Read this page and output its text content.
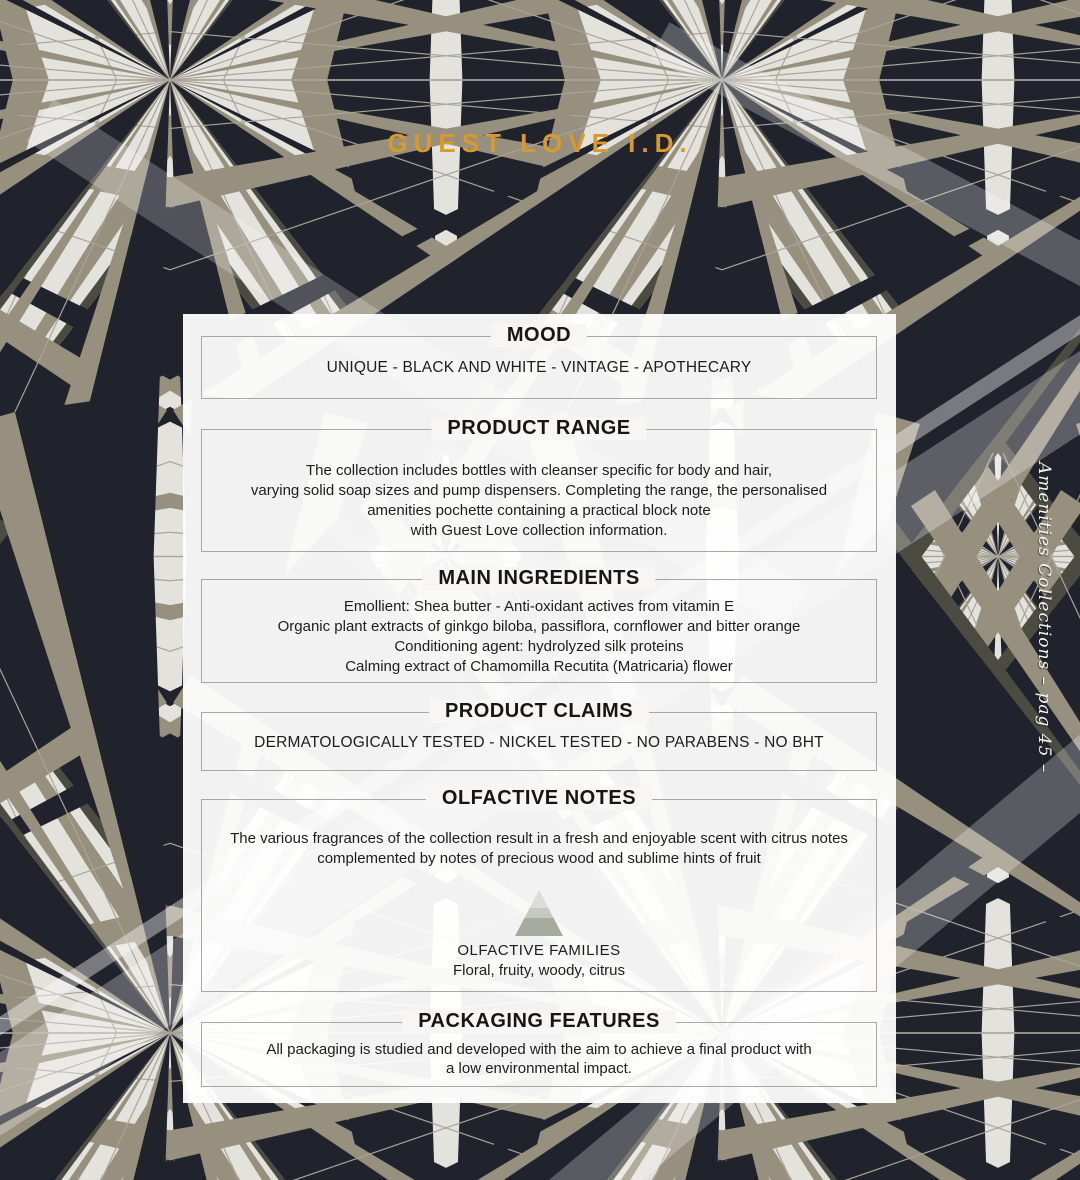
GUEST LOVE I.D.
Amenities Collections – pag 45 –
MOOD
UNIQUE - BLACK AND WHITE - VINTAGE - APOTHECARY
PRODUCT RANGE
The collection includes bottles with cleanser specific for body and hair,
varying solid soap sizes and pump dispensers. Completing the range, the personalised
amenities pochette containing a practical block note
with Guest Love collection information.
MAIN INGREDIENTS
Emollient: Shea butter - Anti-oxidant actives from vitamin E
Organic plant extracts of ginkgo biloba, passiflora, cornflower and bitter orange
Conditioning agent: hydrolyzed silk proteins
Calming extract of Chamomilla Recutita (Matricaria) flower
PRODUCT CLAIMS
DERMATOLOGICALLY TESTED - NICKEL TESTED - NO PARABENS - NO BHT
OLFACTIVE NOTES
The various fragrances of the collection result in a fresh and enjoyable scent with citrus notes
complemented by notes of precious wood and sublime hints of fruit
OLFACTIVE FAMILIES
Floral, fruity, woody, citrus
PACKAGING FEATURES
All packaging is studied and developed with the aim to achieve a final product with
a low environmental impact.
